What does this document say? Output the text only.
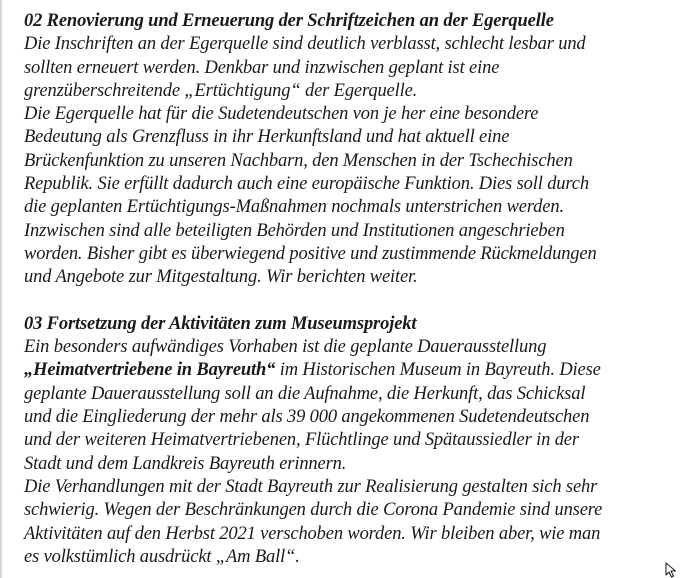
02 Renovierung und Erneuerung der Schriftzeichen an der Egerquelle
Die Inschriften an der Egerquelle sind deutlich verblasst, schlecht lesbar und
sollten erneuert werden. Denkbar und inzwischen geplant ist eine
grenzüberschreitende „Ertüchtigung“ der Egerquelle.
Die Egerquelle hat für die Sudetendeutschen von je her eine besondere
Bedeutung als Grenzfluss in ihr Herkunftsland und hat aktuell eine
Brückenfunktion zu unseren Nachbarn, den Menschen in der Tschechischen
Republik. Sie erfüllt dadurch auch eine europäische Funktion. Dies soll durch
die geplanten Ertüchtigungs-Maßnahmen nochmals unterstrichen werden.
Inzwischen sind alle beteiligten Behörden und Institutionen angeschrieben
worden. Bisher gibt es überwiegend positive und zustimmende Rückmeldungen
und Angebote zur Mitgestaltung. Wir berichten weiter.
03 Fortsetzung der Aktivitäten zum Museumsprojekt
Ein besonders aufwändiges Vorhaben ist die geplante Dauerausstellung
„Heimatvertriebene in Bayreuth“ im Historischen Museum in Bayreuth. Diese
geplante Dauerausstellung soll an die Aufnahme, die Herkunft, das Schicksal
und die Eingliederung der mehr als 39 000 angekommenen Sudetendeutschen
und der weiteren Heimatvertriebenen, Flüchtlinge und Spätaussiedler in der
Stadt und dem Landkreis Bayreuth erinnern.
Die Verhandlungen mit der Stadt Bayreuth zur Realisierung gestalten sich sehr
schwierig. Wegen der Beschränkungen durch die Corona Pandemie sind unsere
Aktivitäten auf den Herbst 2021 verschoben worden. Wir bleiben aber, wie man
es volkstümlich ausdrückt „Am Ball“.
